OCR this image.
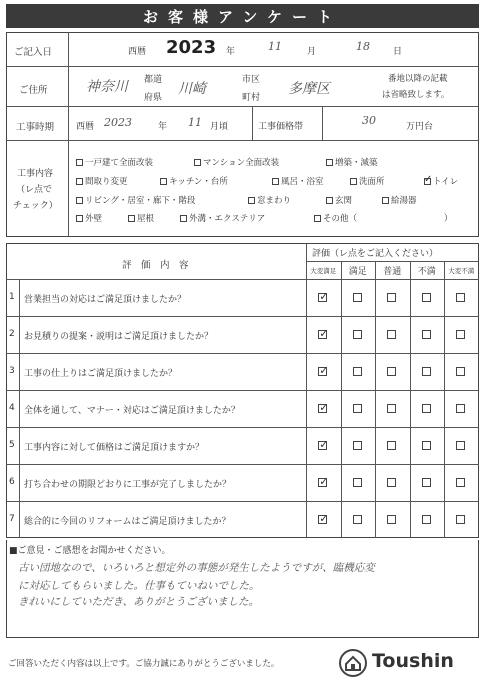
お客様アンケート
ご記入日	西暦 2023 年	11	月	18	日
ご住所	神奈川 都道
府県
川崎
市区
町村
多摩区
番地以降の記載
は省略致します。
工事時期 西暦 2023	年 11 月頃	工事価格帯	30	万円台
工事内容
（レ点で
チェック）
一戸建て全面改装	マンション全面改装	増築・減築
間取り変更	キッチン・台所	風呂・浴室	洗面所
✓	トイレ
リビング・居室・廊下・階段	窓まわり	玄関	給湯器
外壁	屋根	外溝・エクステリア	その他（	）
評　価　内　容
評価（レ点をご記入ください）
大変満足	満足	普通	不満	大変不満
1 営業担当の対応はご満足頂けましたか？
✓
2 お見積りの提案・説明はご満足頂けましたか？
✓
3 工事の仕上りはご満足頂けましたか？
✓
4 全体を通して、マナー・対応はご満足頂けましたか？
✓
5 工事内容に対して価格はご満足頂けますか？
✓
6 打ち合わせの期限どおりに工事が完了しましたか？
✓
7 総合的に今回のリフォームはご満足頂けましたか？
✓
■ご意見・ご感想をお聞かせください。
古い団地なので、いろいろと想定外の事態が発生したようですが、臨機応変
に対応してもらいました。仕事もていねいでした。
きれいにしていただき、ありがとうございました。
ご回答いただく内容は以上です。ご協力誠にありがとうございました。	Toushin
